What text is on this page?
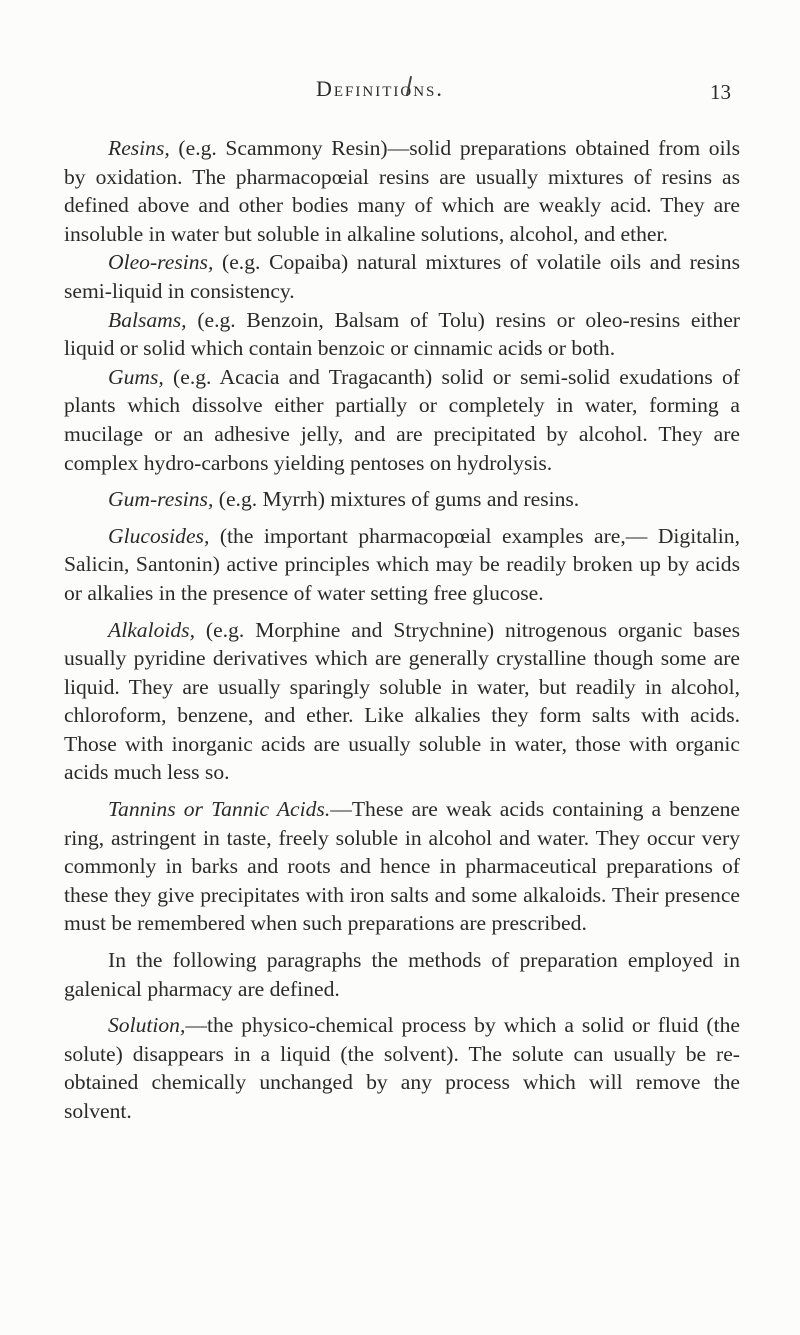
Definitions.	13

Resins, (e.g. Scammony Resin)—solid preparations obtained from oils by oxidation. The pharmacopœial resins are usually mixtures of resins as defined above and other bodies many of which are weakly acid. They are insoluble in water but soluble in alkaline solutions, alcohol, and ether.

Oleo-resins, (e.g. Copaiba) natural mixtures of volatile oils and resins semi-liquid in consistency.

Balsams, (e.g. Benzoin, Balsam of Tolu) resins or oleo-resins either liquid or solid which contain benzoic or cinnamic acids or both.

Gums, (e.g. Acacia and Tragacanth) solid or semi-solid exudations of plants which dissolve either partially or completely in water, forming a mucilage or an adhesive jelly, and are precipitated by alcohol. They are complex hydro-carbons yielding pentoses on hydrolysis.

Gum-resins, (e.g. Myrrh) mixtures of gums and resins.

Glucosides, (the important pharmacopœial examples are,— Digitalin, Salicin, Santonin) active principles which may be readily broken up by acids or alkalies in the presence of water setting free glucose.

Alkaloids, (e.g. Morphine and Strychnine) nitrogenous organic bases usually pyridine derivatives which are generally crystalline though some are liquid. They are usually sparingly soluble in water, but readily in alcohol, chloroform, benzene, and ether. Like alkalies they form salts with acids. Those with inorganic acids are usually soluble in water, those with organic acids much less so.

Tannins or Tannic Acids.—These are weak acids containing a benzene ring, astringent in taste, freely soluble in alcohol and water. They occur very commonly in barks and roots and hence in pharmaceutical preparations of these they give precipitates with iron salts and some alkaloids. Their presence must be remembered when such preparations are prescribed.

In the following paragraphs the methods of preparation employed in galenical pharmacy are defined.

Solution,—the physico-chemical process by which a solid or fluid (the solute) disappears in a liquid (the solvent). The solute can usually be re-obtained chemically unchanged by any process which will remove the solvent.
